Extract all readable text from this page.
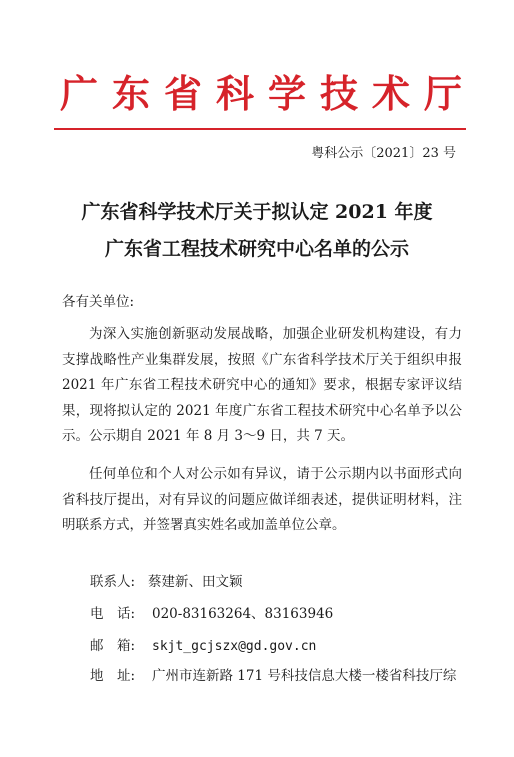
广东省科学技术厅
粤科公示〔2021〕23 号
广东省科学技术厅关于拟认定 2021 年度
广东省工程技术研究中心名单的公示
各有关单位:
为深入实施创新驱动发展战略，加强企业研发机构建设，有力支撑战略性产业集群发展，按照《广东省科学技术厅关于组织申报 2021 年广东省工程技术研究中心的通知》要求，根据专家评议结果，现将拟认定的 2021 年度广东省工程技术研究中心名单予以公示。公示期自 2021 年 8 月 3～9 日，共 7 天。
任何单位和个人对公示如有异议，请于公示期内以书面形式向省科技厅提出，对有异议的问题应做详细表述，提供证明材料，注明联系方式，并签署真实姓名或加盖单位公章。
联系人: 蔡建新、田文颖
电　话: 020-83163264、83163946
邮　箱: skjt_gcjszx@gd.gov.cn
地　址: 广州市连新路 171 号科技信息大楼一楼省科技厅综
